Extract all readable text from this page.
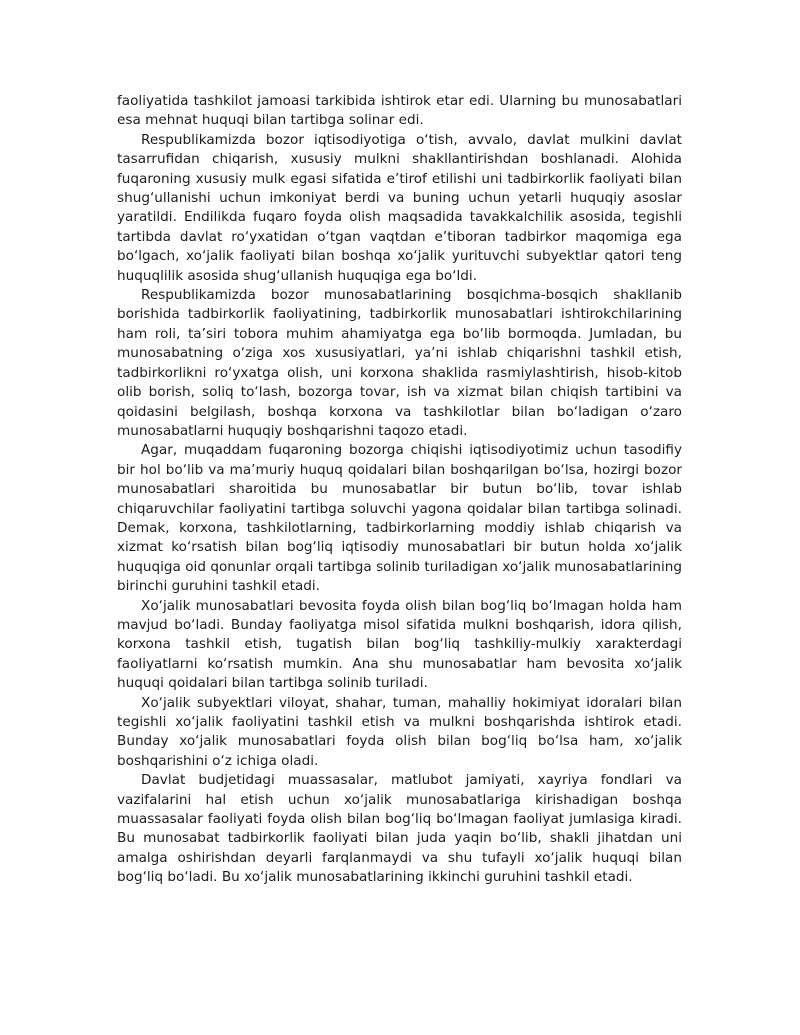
faoliyatida tashkilot jamoasi tarkibida ishtirok etar edi. Ularning bu munosabatlari esa mehnat huquqi bilan tartibga solinar edi.

Respublikamizda bozor iqtisodiyotiga o‘tish, avvalo, davlat mulkini davlat tasarrufidan chiqarish, xususiy mulkni shakllantirishdan boshlanadi. Alohida fuqaroning xususiy mulk egasi sifatida e’tirof etilishi uni tadbirkorlik faoliyati bilan shug‘ullanishi uchun imkoniyat berdi va buning uchun yetarli huquqiy asoslar yaratildi. Endilikda fuqaro foyda olish maqsadida tavakkalchilik asosida, tegishli tartibda davlat ro‘yxatidan o‘tgan vaqtdan e’tiboran tadbirkor maqomiga ega bo‘lgach, xo‘jalik faoliyati bilan boshqa xo‘jalik yurituvchi subyektlar qatori teng huquqlilik asosida shug‘ullanish huquqiga ega bo‘ldi.

Respublikamizda bozor munosabatlarining bosqichma-bosqich shakllanib borishida tadbirkorlik faoliyatining, tadbirkorlik munosabatlari ishtirokchilarining ham roli, ta’siri tobora muhim ahamiyatga ega bo‘lib bormoqda. Jumladan, bu munosabatning o‘ziga xos xususiyatlari, ya’ni ishlab chiqarishni tashkil etish, tadbirkorlikni ro‘yxatga olish, uni korxona shaklida rasmiylashtirish, hisob-kitob olib borish, soliq to‘lash, bozorga tovar, ish va xizmat bilan chiqish tartibini va qoidasini belgilash, boshqa korxona va tashkilotlar bilan bo‘ladigan o‘zaro munosabatlarni huquqiy boshqarishni taqozo etadi.

Agar, muqaddam fuqaroning bozorga chiqishi iqtisodiyotimiz uchun tasodifiy bir hol bo‘lib va ma’muriy huquq qoidalari bilan boshqarilgan bo‘lsa, hozirgi bozor munosabatlari sharoitida bu munosabatlar bir butun bo‘lib, tovar ishlab chiqaruvchilar faoliyatini tartibga soluvchi yagona qoidalar bilan tartibga solinadi. Demak, korxona, tashkilotlarning, tadbirkorlarning moddiy ishlab chiqarish va xizmat ko‘rsatish bilan bog‘liq iqtisodiy munosabatlari bir butun holda xo‘jalik huquqiga oid qonunlar orqali tartibga solinib turiladigan xo‘jalik munosabatlarining birinchi guruhini tashkil etadi.

Xo‘jalik munosabatlari bevosita foyda olish bilan bog‘liq bo‘lmagan holda ham mavjud bo‘ladi. Bunday faoliyatga misol sifatida mulkni boshqarish, idora qilish, korxona tashkil etish, tugatish bilan bog‘liq tashkiliy-mulkiy xarakterdagi faoliyatlarni ko‘rsatish mumkin. Ana shu munosabatlar ham bevosita xo‘jalik huquqi qoidalari bilan tartibga solinib turiladi.

Xo‘jalik subyektlari viloyat, shahar, tuman, mahalliy hokimiyat idoralari bilan tegishli xo‘jalik faoliyatini tashkil etish va mulkni boshqarishda ishtirok etadi. Bunday xo‘jalik munosabatlari foyda olish bilan bog‘liq bo‘lsa ham, xo‘jalik boshqarishini o‘z ichiga oladi.

Davlat budjetidagi muassasalar, matlubot jamiyati, xayriya fondlari va vazifalarini hal etish uchun xo‘jalik munosabatlariga kirishadigan boshqa muassasalar faoliyati foyda olish bilan bog‘liq bo‘lmagan faoliyat jumlasiga kiradi. Bu munosabat tadbirkorlik faoliyati bilan juda yaqin bo‘lib, shakli jihatdan uni amalga oshirishdan deyarli farqlanmaydi va shu tufayli xo‘jalik huquqi bilan bog‘liq bo‘ladi. Bu xo‘jalik munosabatlarining ikkinchi guruhini tashkil etadi.
